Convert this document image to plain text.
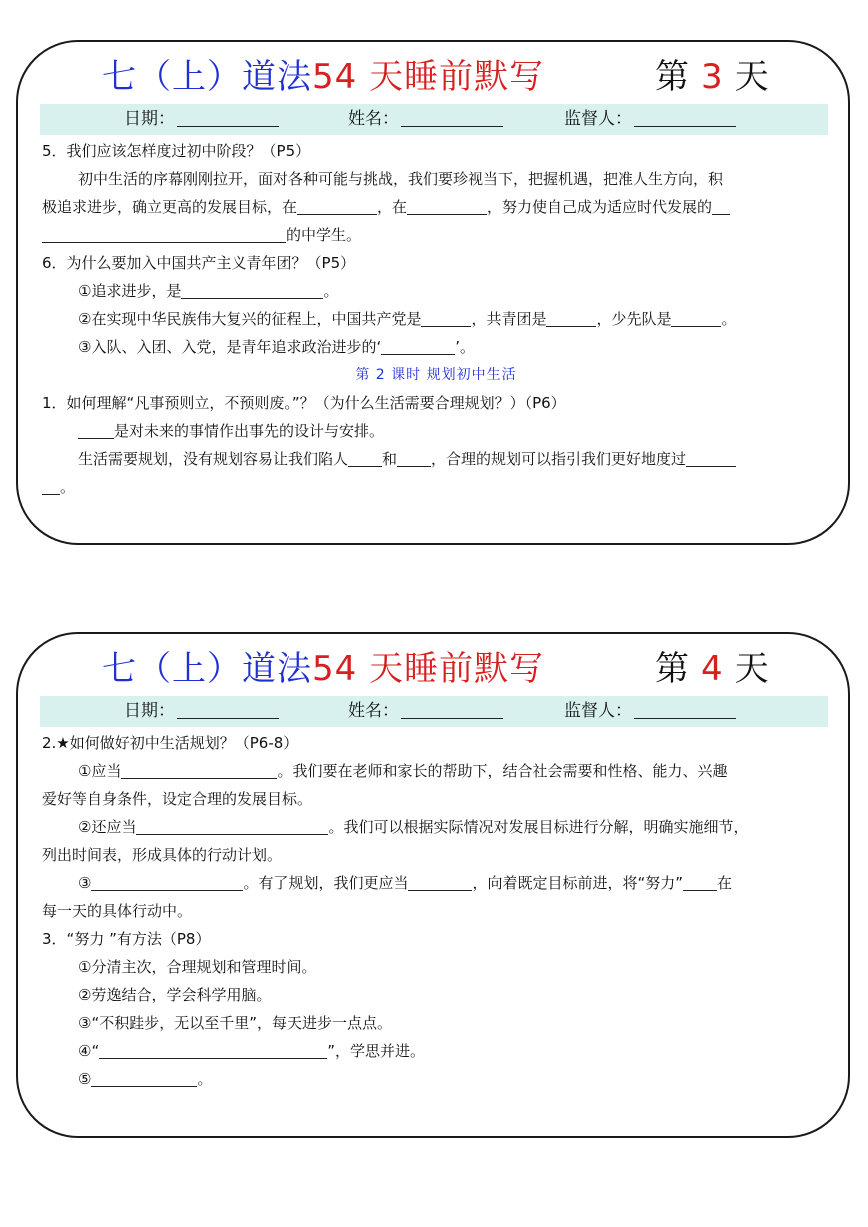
七（上）道法54 天睡前默写	第 3 天
日期：	姓名：	监督人：
5．我们应该怎样度过初中阶段？（P5）
初中生活的序幕刚刚拉开，面对各种可能与挑战，我们要珍视当下，把握机遇，把准人生方向，积
极追求进步，确立更高的发展目标，在	，在	，努力使自己成为适应时代发展的
的中学生。
6．为什么要加入中国共产主义青年团？（P5）
①追求进步，是	。
②在实现中华民族伟大复兴的征程上，中国共产党是	，共青团是	，少先队是	。
③入队、入团、入党，是青年追求政治进步的‘	’。
第 2 课时 规划初中生活
1．如何理解“凡事预则立，不预则废。”？（为什么生活需要合理规划？）（P6）
是对未来的事情作出事先的设计与安排。
生活需要规划，没有规划容易让我们陷人 和 ，合理的规划可以指引我们更好地度过
。
七（上）道法54 天睡前默写	第 4 天
日期：	姓名：	监督人：
2.★如何做好初中生活规划？（P6-8）
①应当	。我们要在老师和家长的帮助下，结合社会需要和性格、能力、兴趣
爱好等自身条件，设定合理的发展目标。
②还应当	。我们可以根据实际情况对发展目标进行分解，明确实施细节，
列出时间表，形成具体的行动计划。
③	。有了规划，我们更应当	，向着既定目标前进，将“努力” 在
每一天的具体行动中。
3．“努力 ”有方法（P8）
①分清主次，合理规划和管理时间。
②劳逸结合，学会科学用脑。
③“不积跬步，无以至千里”，每天进步一点点。
④“	”，学思并进。
⑤	。
